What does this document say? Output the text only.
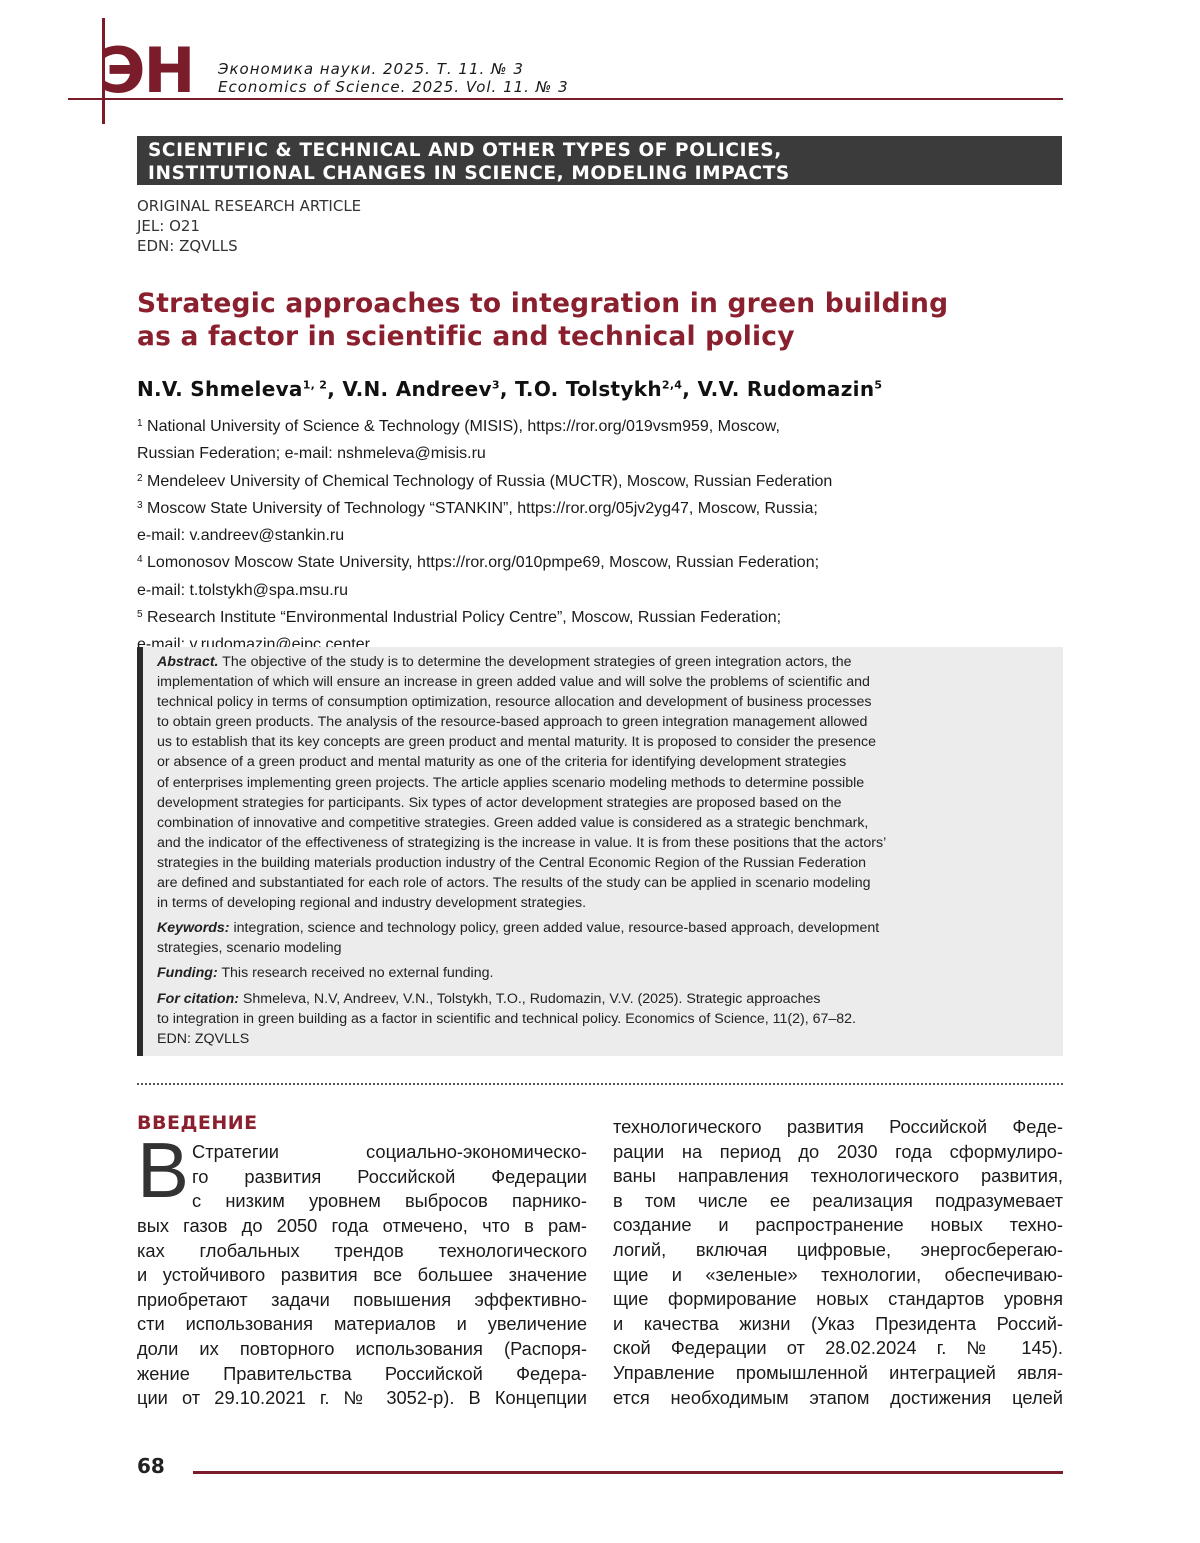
ЭН Экономика науки. 2025. Т. 11. № 3
Economics of Science. 2025. Vol. 11. № 3
SCIENTIFIC & TECHNICAL AND OTHER TYPES OF POLICIES,
INSTITUTIONAL CHANGES IN SCIENCE, MODELING IMPACTS
ORIGINAL RESEARCH ARTICLE
JEL: O21
EDN: ZQVLLS
Strategic approaches to integration in green building
as a factor in scientific and technical policy
N.V. Shmeleva1, 2, V.N. Andreev3, T.O. Tolstykh2,4, V.V. Rudomazin5
1 National University of Science & Technology (MISIS), https://ror.org/019vsm959, Moscow,
Russian Federation; e-mail: nshmeleva@misis.ru
2 Mendeleev University of Chemical Technology of Russia (MUCTR), Moscow, Russian Federation
3 Moscow State University of Technology “STANKIN”, https://ror.org/05jv2yg47, Moscow, Russia;
e-mail: v.andreev@stankin.ru
4 Lomonosov Moscow State University, https://ror.org/010pmpe69, Moscow, Russian Federation;
e-mail: t.tolstykh@spa.msu.ru
5 Research Institute “Environmental Industrial Policy Centre”, Moscow, Russian Federation;
e-mail: v.rudomazin@eipc.center
Abstract. The objective of the study is to determine the development strategies of green integration actors, the
implementation of which will ensure an increase in green added value and will solve the problems of scientific and
technical policy in terms of consumption optimization, resource allocation and development of business processes
to obtain green products. The analysis of the resource-based approach to green integration management allowed
us to establish that its key concepts are green product and mental maturity. It is proposed to consider the presence
or absence of a green product and mental maturity as one of the criteria for identifying development strategies
of enterprises implementing green projects. The article applies scenario modeling methods to determine possible
development strategies for participants. Six types of actor development strategies are proposed based on the
combination of innovative and competitive strategies. Green added value is considered as a strategic benchmark,
and the indicator of the effectiveness of strategizing is the increase in value. It is from these positions that the actors’
strategies in the building materials production industry of the Central Economic Region of the Russian Federation
are defined and substantiated for each role of actors. The results of the study can be applied in scenario modeling
in terms of developing regional and industry development strategies.
Keywords: integration, science and technology policy, green added value, resource-based approach, development
strategies, scenario modeling
Funding: This research received no external funding.
For citation: Shmeleva, N.V, Andreev, V.N., Tolstykh, T.O., Rudomazin, V.V. (2025). Strategic approaches
to integration in green building as a factor in scientific and technical policy. Economics of Science, 11(2), 67–82.
EDN: ZQVLLS
ВВЕДЕНИЕ
В Стратегии социально-экономическо-
го развития Российской Федерации
с низким уровнем выбросов парнико-
вых газов до 2050 года отмечено, что в рам-
ках глобальных трендов технологического
и устойчивого развития все большее значение
приобретают задачи повышения эффективно-
сти использования материалов и увеличение
доли их повторного использования (Распоря-
жение Правительства Российской Федера-
ции от 29.10.2021 г. № 3052-р). В Концепции
технологического развития Российской Феде-
рации на период до 2030 года сформулиро-
ваны направления технологического развития,
в том числе ее реализация подразумевает
создание и распространение новых техно-
логий, включая цифровые, энергосберегаю-
щие и «зеленые» технологии, обеспечиваю-
щие формирование новых стандартов уровня
и качества жизни (Указ Президента Россий-
ской Федерации от 28.02.2024 г. № 145).
Управление промышленной интеграцией явля-
ется необходимым этапом достижения целей
68
